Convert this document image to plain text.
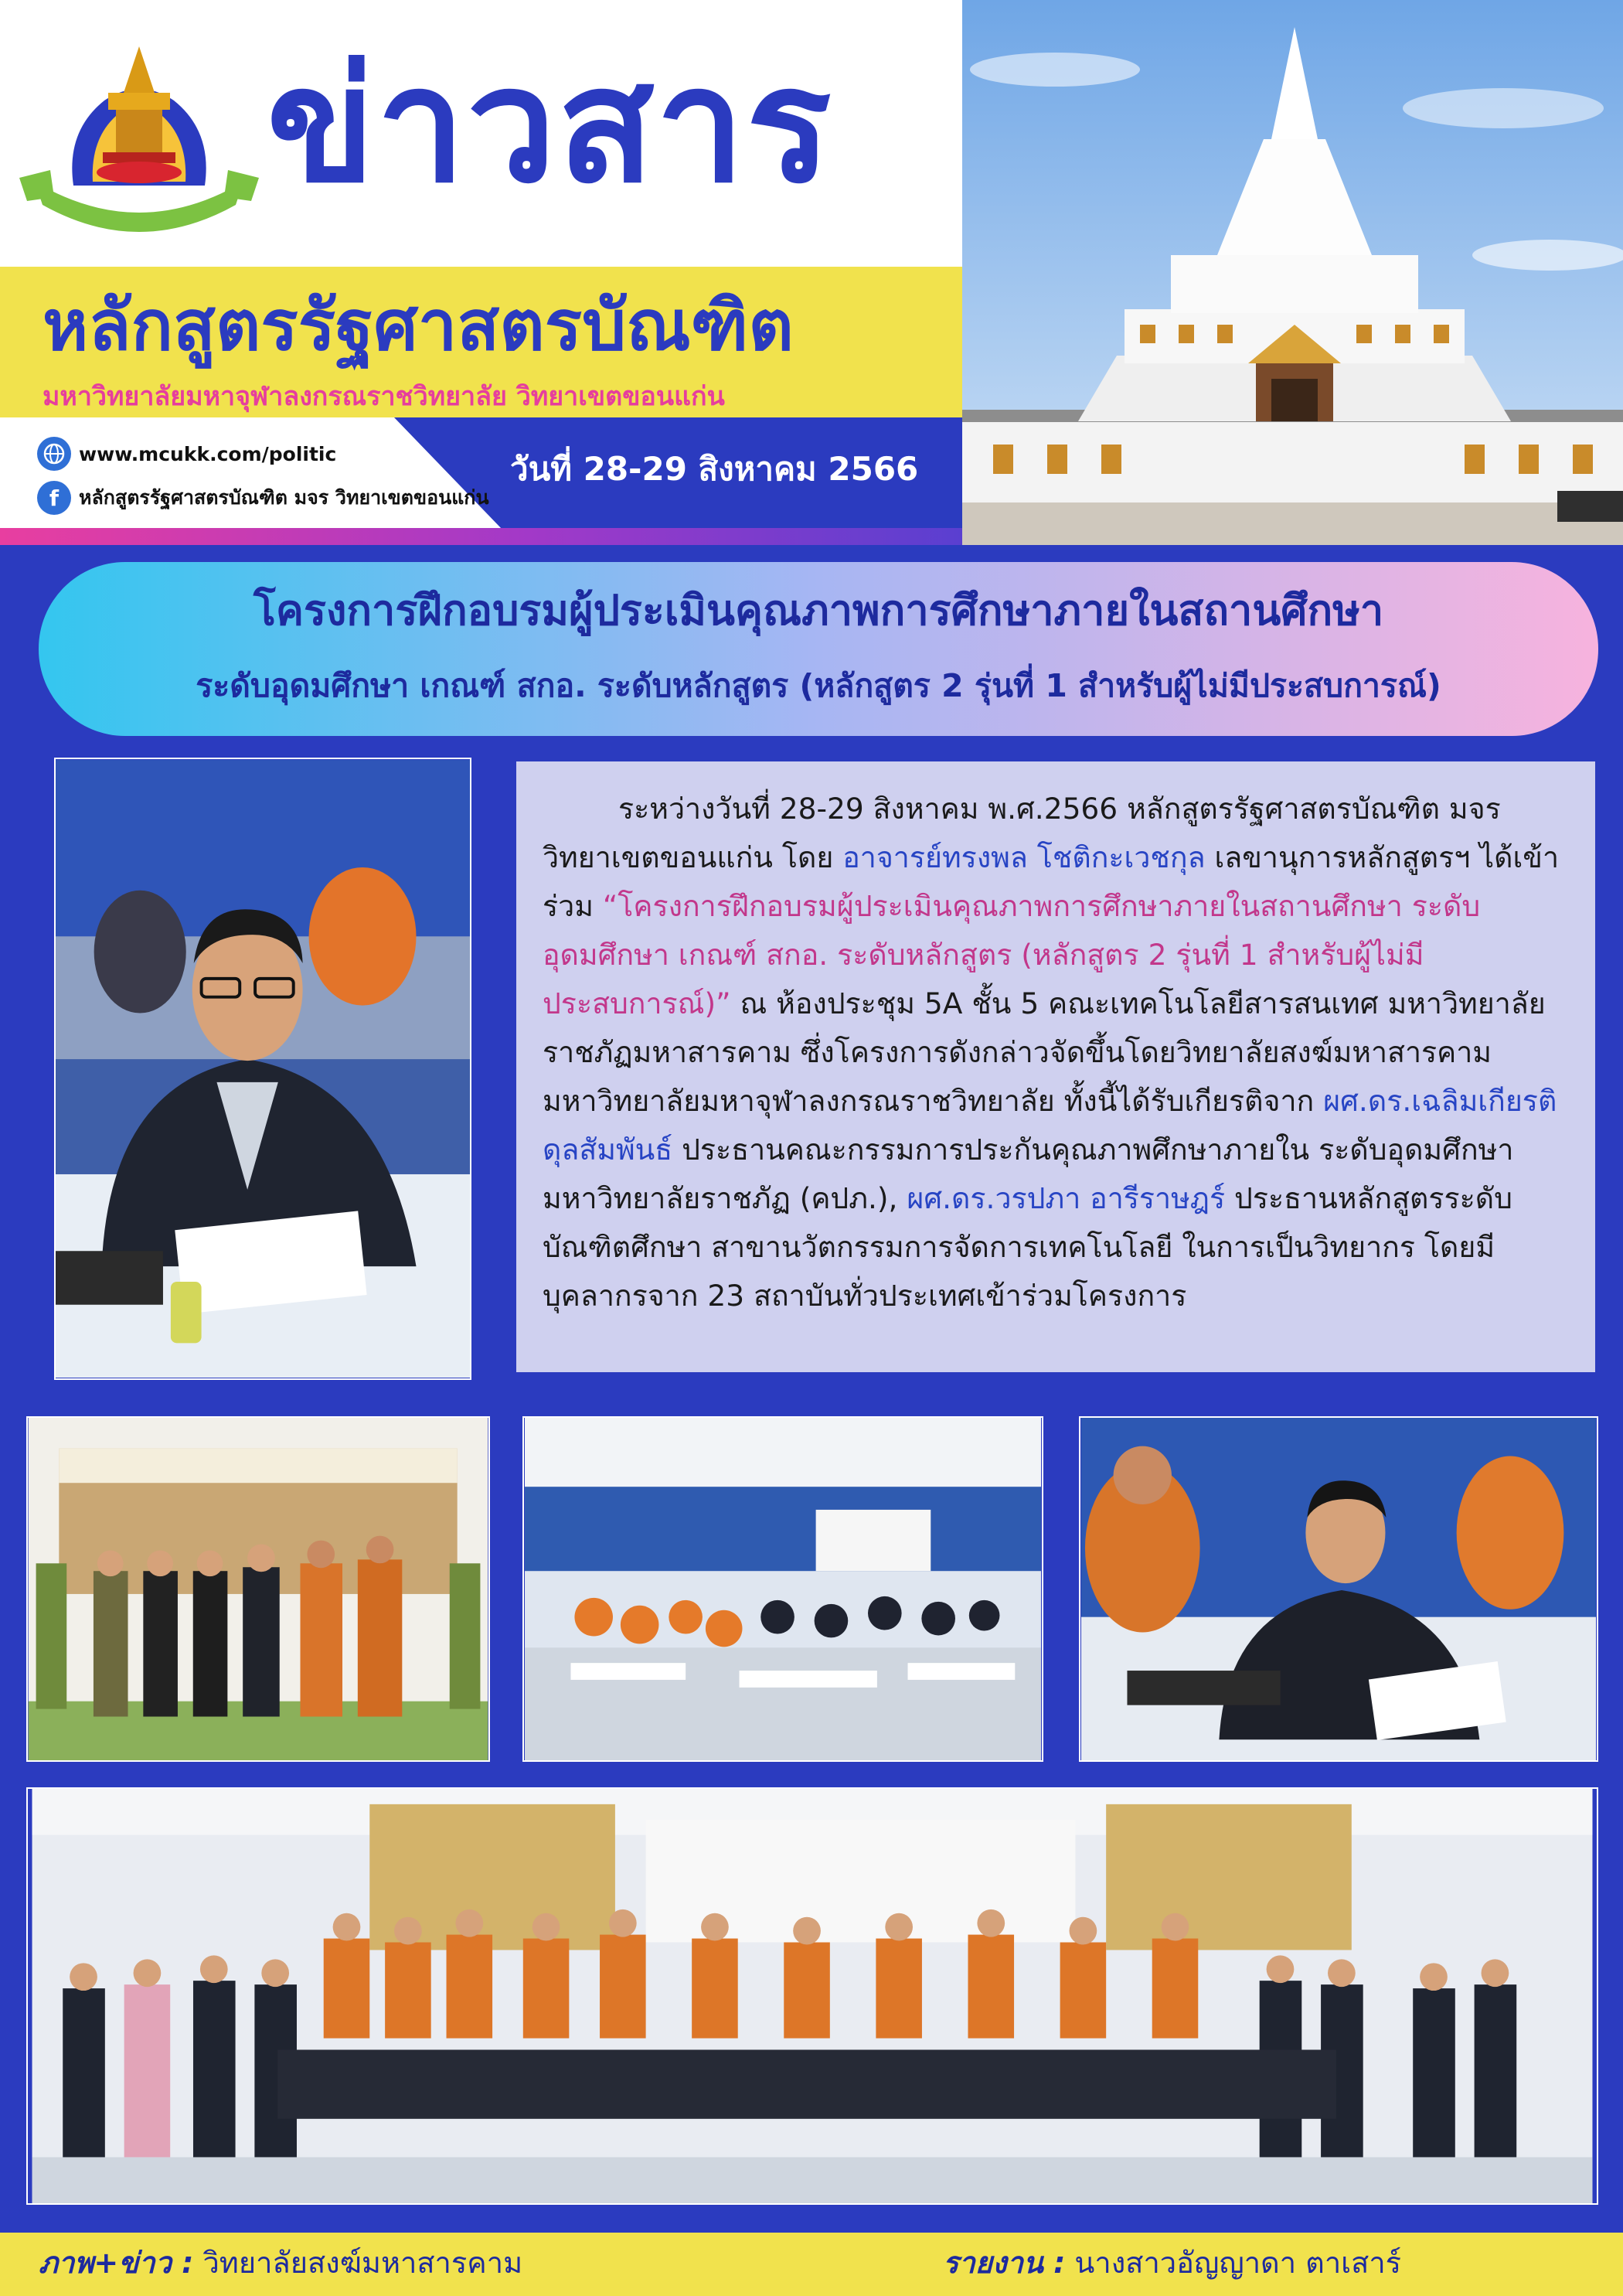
ข่าวสาร
หลักสูตรรัฐศาสตรบัณฑิต
มหาวิทยาลัยมหาจุฬาลงกรณราชวิทยาลัย วิทยาเขตขอนแก่น
www.mcukk.com/politic
f	หลักสูตรรัฐศาสตรบัณฑิต มจร วิทยาเขตขอนแก่น
วันที่ 28-29 สิงหาคม 2566
โครงการฝึกอบรมผู้ประเมินคุณภาพการศึกษาภายในสถานศึกษา
ระดับอุดมศึกษา เกณฑ์ สกอ. ระดับหลักสูตร (หลักสูตร 2 รุ่นที่ 1 สำหรับผู้ไม่มีประสบการณ์)

ระหว่างวันที่ 28-29 สิงหาคม พ.ศ.2566 หลักสูตรรัฐศาสตรบัณฑิต มจร วิทยาเขตขอนแก่น โดย อาจารย์ทรงพล โชติกะเวชกุล เลขานุการหลักสูตรฯ ได้เข้าร่วม “โครงการฝึกอบรมผู้ประเมินคุณภาพการศึกษาภายในสถานศึกษา ระดับอุดมศึกษา เกณฑ์ สกอ. ระดับหลักสูตร (หลักสูตร 2 รุ่นที่ 1 สำหรับผู้ไม่มีประสบการณ์)” ณ ห้องประชุม 5A ชั้น 5 คณะเทคโนโลยีสารสนเทศ มหาวิทยาลัยราชภัฏมหาสารคาม ซึ่งโครงการดังกล่าวจัดขึ้นโดยวิทยาลัยสงฆ์มหาสารคาม มหาวิทยาลัยมหาจุฬาลงกรณราชวิทยาลัย ทั้งนี้ได้รับเกียรติจาก ผศ.ดร.เฉลิมเกียรติ ดุลสัมพันธ์ ประธานคณะกรรมการประกันคุณภาพศึกษาภายใน ระดับอุดมศึกษา มหาวิทยาลัยราชภัฏ (คปภ.), ผศ.ดร.วรปภา อารีราษฎร์ ประธานหลักสูตรระดับบัณฑิตศึกษา สาขานวัตกรรมการจัดการเทคโนโลยี ในการเป็นวิทยากร โดยมีบุคลากรจาก 23 สถาบันทั่วประเทศเข้าร่วมโครงการ

ภาพ+ข่าว : วิทยาลัยสงฆ์มหาสารคาม	รายงาน : นางสาวอัญญาดา ตาเสาร์
